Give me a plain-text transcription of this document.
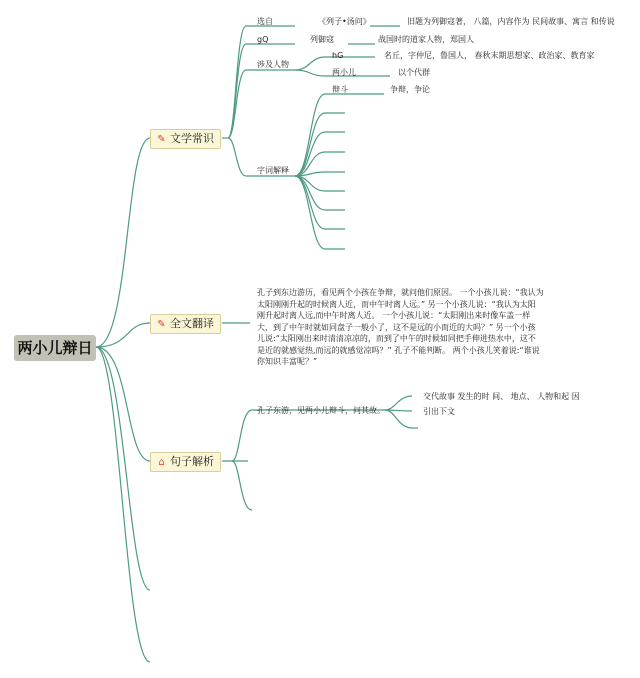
两小儿辩日
✎ 文学常识
✎ 全文翻译
⌂ 句子解析
选自	《列子•汤问》	旧题为列御寇著， 八篇，内容作为 民间故事、寓言 和传说
gQ	列御寇	战国时的道家人物，郑国人
涉及人物
hG	名丘，字仲尼，鲁国人， 春秋末期思想家、政治家、教育家
两小儿	以个代群
字词解释
辩斗	争辩，争论
孔子到东边游历，看见两个小孩在争辩，就问他们原因。 一个小孩儿说：“我认为
太阳刚刚升起的时候离人近，而中午时离人远。” 另一个小孩儿说：“我认为太阳
刚升起时离人远,而中午时离人近。 一个小孩儿说：“太阳刚出来时像车盖一样
大，到了中午时就如同盘子一般小了，这不是远的小而近的大吗？” 另一个小孩
儿说:“太阳刚出来时清清凉凉的，而到了中午的时候如同把手伸进热水中，这不
是近的就感觉热,而远的就感觉凉吗？” 孔子不能判断。 两个小孩儿笑着说:“谁说
你知识丰富呢？”
孔子东游，见两小儿辩斗，问其故。
交代故事 发生的时 间、 地点、 人物和起 因
引出下文
